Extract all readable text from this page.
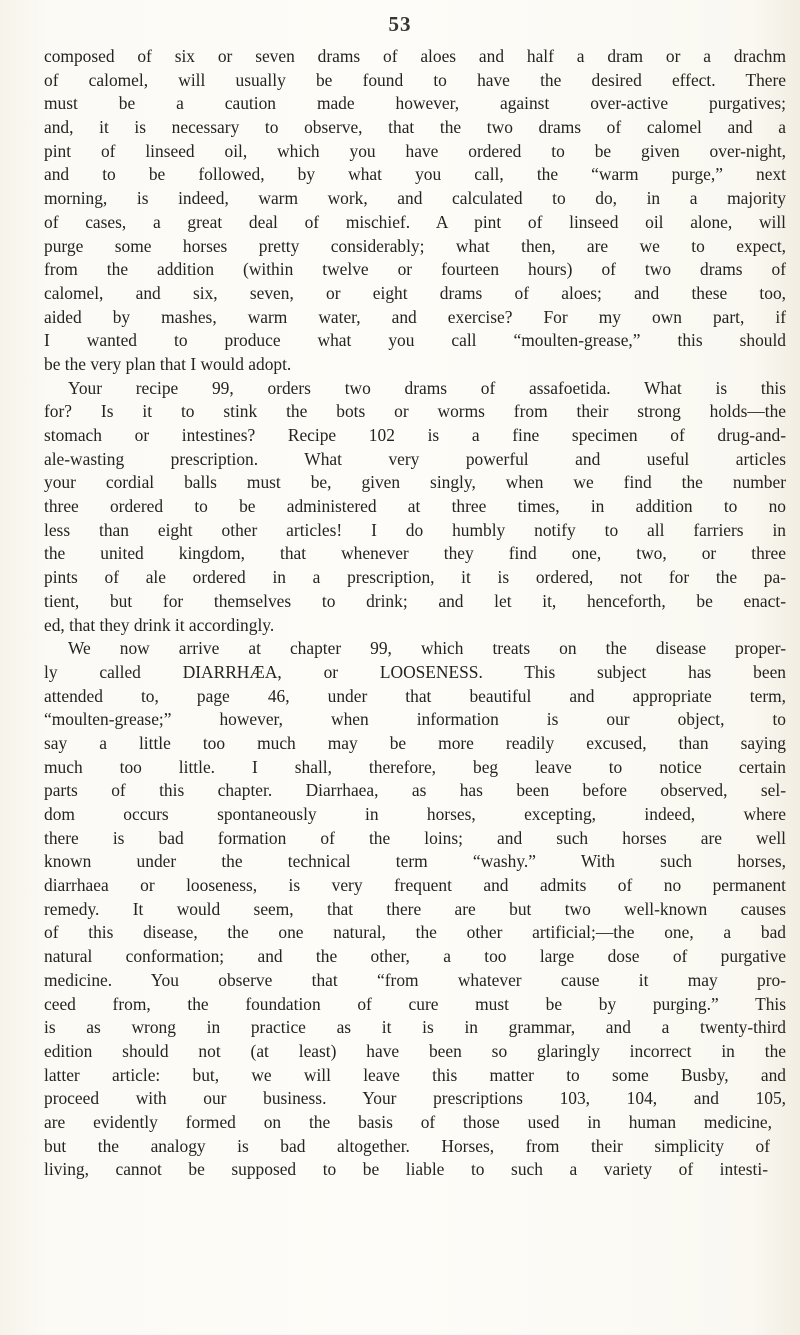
53
composed of six or seven drams of aloes and half a dram or a drachm
of calomel, will usually be found to have the desired effect. There
must be a caution made however, against over-active purgatives;
and, it is necessary to observe, that the two drams of calomel and a
pint of linseed oil, which you have ordered to be given over-night,
and to be followed, by what you call, the “warm purge,” next
morning, is indeed, warm work, and calculated to do, in a majority
of cases, a great deal of mischief. A pint of linseed oil alone, will
purge some horses pretty considerably; what then, are we to expect,
from the addition (within twelve or fourteen hours) of two drams of
calomel, and six, seven, or eight drams of aloes; and these too,
aided by mashes, warm water, and exercise? For my own part, if
I wanted to produce what you call “moulten-grease,” this should
be the very plan that I would adopt.
Your recipe 99, orders two drams of assafoetida. What is this
for? Is it to stink the bots or worms from their strong holds—the
stomach or intestines? Recipe 102 is a fine specimen of drug-and-
ale-wasting prescription. What very powerful and useful articles
your cordial balls must be, given singly, when we find the number
three ordered to be administered at three times, in addition to no
less than eight other articles! I do humbly notify to all farriers in
the united kingdom, that whenever they find one, two, or three
pints of ale ordered in a prescription, it is ordered, not for the pa-
tient, but for themselves to drink; and let it, henceforth, be enact-
ed, that they drink it accordingly.
We now arrive at chapter 99, which treats on the disease proper-
ly called DIARRHÆA, or LOOSENESS. This subject has been
attended to, page 46, under that beautiful and appropriate term,
“moulten-grease;” however, when information is our object, to
say a little too much may be more readily excused, than saying
much too little. I shall, therefore, beg leave to notice certain
parts of this chapter. Diarrhaea, as has been before observed, sel-
dom occurs spontaneously in horses, excepting, indeed, where
there is bad formation of the loins; and such horses are well
known under the technical term “washy.” With such horses,
diarrhaea or looseness, is very frequent and admits of no permanent
remedy. It would seem, that there are but two well-known causes
of this disease, the one natural, the other artificial;—the one, a bad
natural conformation; and the other, a too large dose of purgative
medicine. You observe that “from whatever cause it may pro-
ceed from, the foundation of cure must be by purging.” This
is as wrong in practice as it is in grammar, and a twenty-third
edition should not (at least) have been so glaringly incorrect in the
latter article: but, we will leave this matter to some Busby, and
proceed with our business. Your prescriptions 103, 104, and 105,
are evidently formed on the basis of those used in human medicine,
but the analogy is bad altogether. Horses, from their simplicity of
living, cannot be supposed to be liable to such a variety of intesti-
